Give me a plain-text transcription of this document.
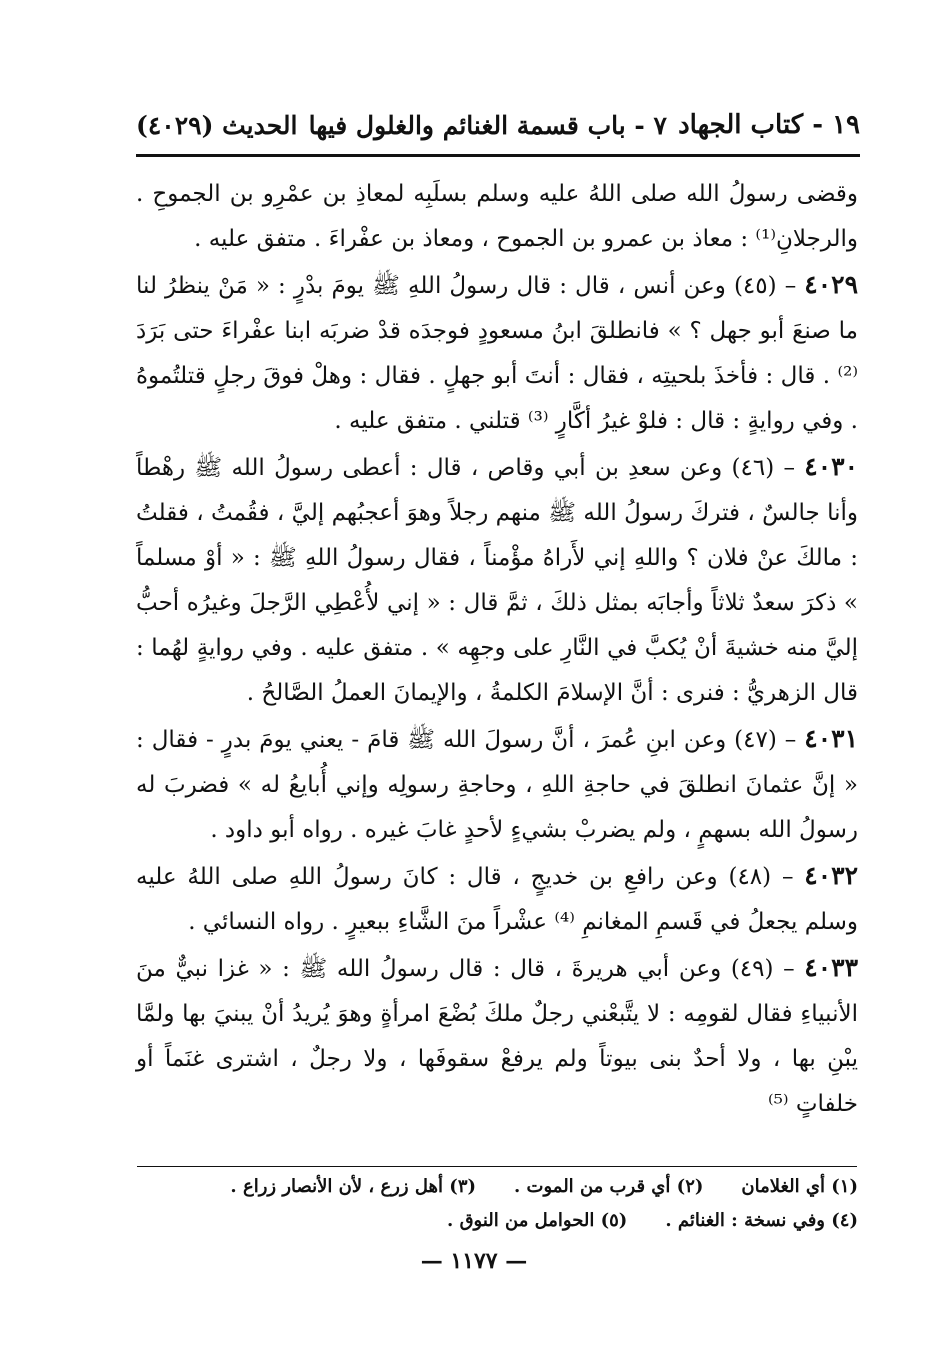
الحديث (٤٠٢٩) ٧ - باب قسمة الغنائم والغلول فيها ١٩ - كتاب الجهاد

وقضى رسولُ الله صلى اللهُ عليه وسلم بسلَبِه لمعاذِ بن عمْرِو بن الجموحِ . والرجلانِ⁽¹⁾ : معاذ بن عمرو بن الجموح ، ومعاذ بن عفْراءَ . متفق عليه .

٤٠٢٩ – (٤٥) وعن أنس ، قال : قال رسولُ اللهِ ﷺ يومَ بدْرٍ : « مَنْ ينظرُ لنا ما صنعَ أبو جهل ؟ » فانطلقَ ابنُ مسعودٍ فوجدَه قدْ ضربَه ابنا عفْراءَ حتى بَرَدَ ⁽²⁾ . قال : فأخذَ بلحيتِه ، فقال : أنتَ أبو جهلٍ . فقال : وهلْ فوقَ رجلٍ قتلتُموهُ . وفي روايةٍ : قال : فلوْ غيرُ أكَّارٍ ⁽³⁾ قتلني . متفق عليه .

٤٠٣٠ – (٤٦) وعن سعدِ بن أبي وقاص ، قال : أعطى رسولُ الله ﷺ رهْطاً وأنا جالسٌ ، فتركَ رسولُ الله ﷺ منهم رجلاً وهوَ أعجبُهم إليَّ ، فقُمتُ ، فقلتُ : مالكَ عنْ فلان ؟ واللهِ إني لأَراهُ مؤْمناً ، فقال رسولُ اللهِ ﷺ : « أوْ مسلماً » ذكرَ سعدٌ ثلاثاً وأجابَه بمثل ذلكَ ، ثمَّ قال : « إني لأُعْطِي الرَّجلَ وغيرُه أحبُّ إليَّ منه خشيةَ أنْ يُكبَّ في النَّارِ على وجهِه » . متفق عليه . وفي روايةٍ لهُما : قال الزهريُّ : فنرى : أنَّ الإسلامَ الكلمةُ ، والإيمانَ العملُ الصَّالحُ .

٤٠٣١ – (٤٧) وعن ابنِ عُمرَ ، أنَّ رسولَ الله ﷺ قامَ - يعني يومَ بدرٍ - فقال : « إنَّ عثمانَ انطلقَ في حاجةِ اللهِ ، وحاجةِ رسولِه وإني أُبايعُ له » فضربَ له رسولُ الله بسهمٍ ، ولم يضربْ بشيءٍ لأحدٍ غابَ غيره . رواه أبو داود .

٤٠٣٢ – (٤٨) وعن رافعِ بن خديجٍ ، قال : كانَ رسولُ اللهِ صلى اللهُ عليه وسلم يجعلُ في قَسمِ المغانمِ ⁽⁴⁾ عشْراً منَ الشَّاءِ ببعيرٍ . رواه النسائي .

٤٠٣٣ – (٤٩) وعن أبي هريرةَ ، قال : قال رسولُ الله ﷺ : « غزا نبيٌّ منَ الأنبياءِ فقال لقومِه : لا يتَّبعْني رجلٌ ملكَ بُضْعَ امرأةٍ وهوَ يُريدُ أنْ يبنيَ بها ولمَّا يبْنِ بها ، ولا أحدٌ بنى بيوتاً ولم يرفعْ سقوفَها ، ولا رجلٌ ، اشترى غنَماً أو خلفاتٍ ⁽⁵⁾

(١) أي الغلامان
(٢) أي قرب من الموت .
(٣) أهل زرع ، لأن الأنصار زراع .
(٤) وفي نسخة : الغنائم .
(٥) الحوامل من النوق .
— ١١٧٧ —
